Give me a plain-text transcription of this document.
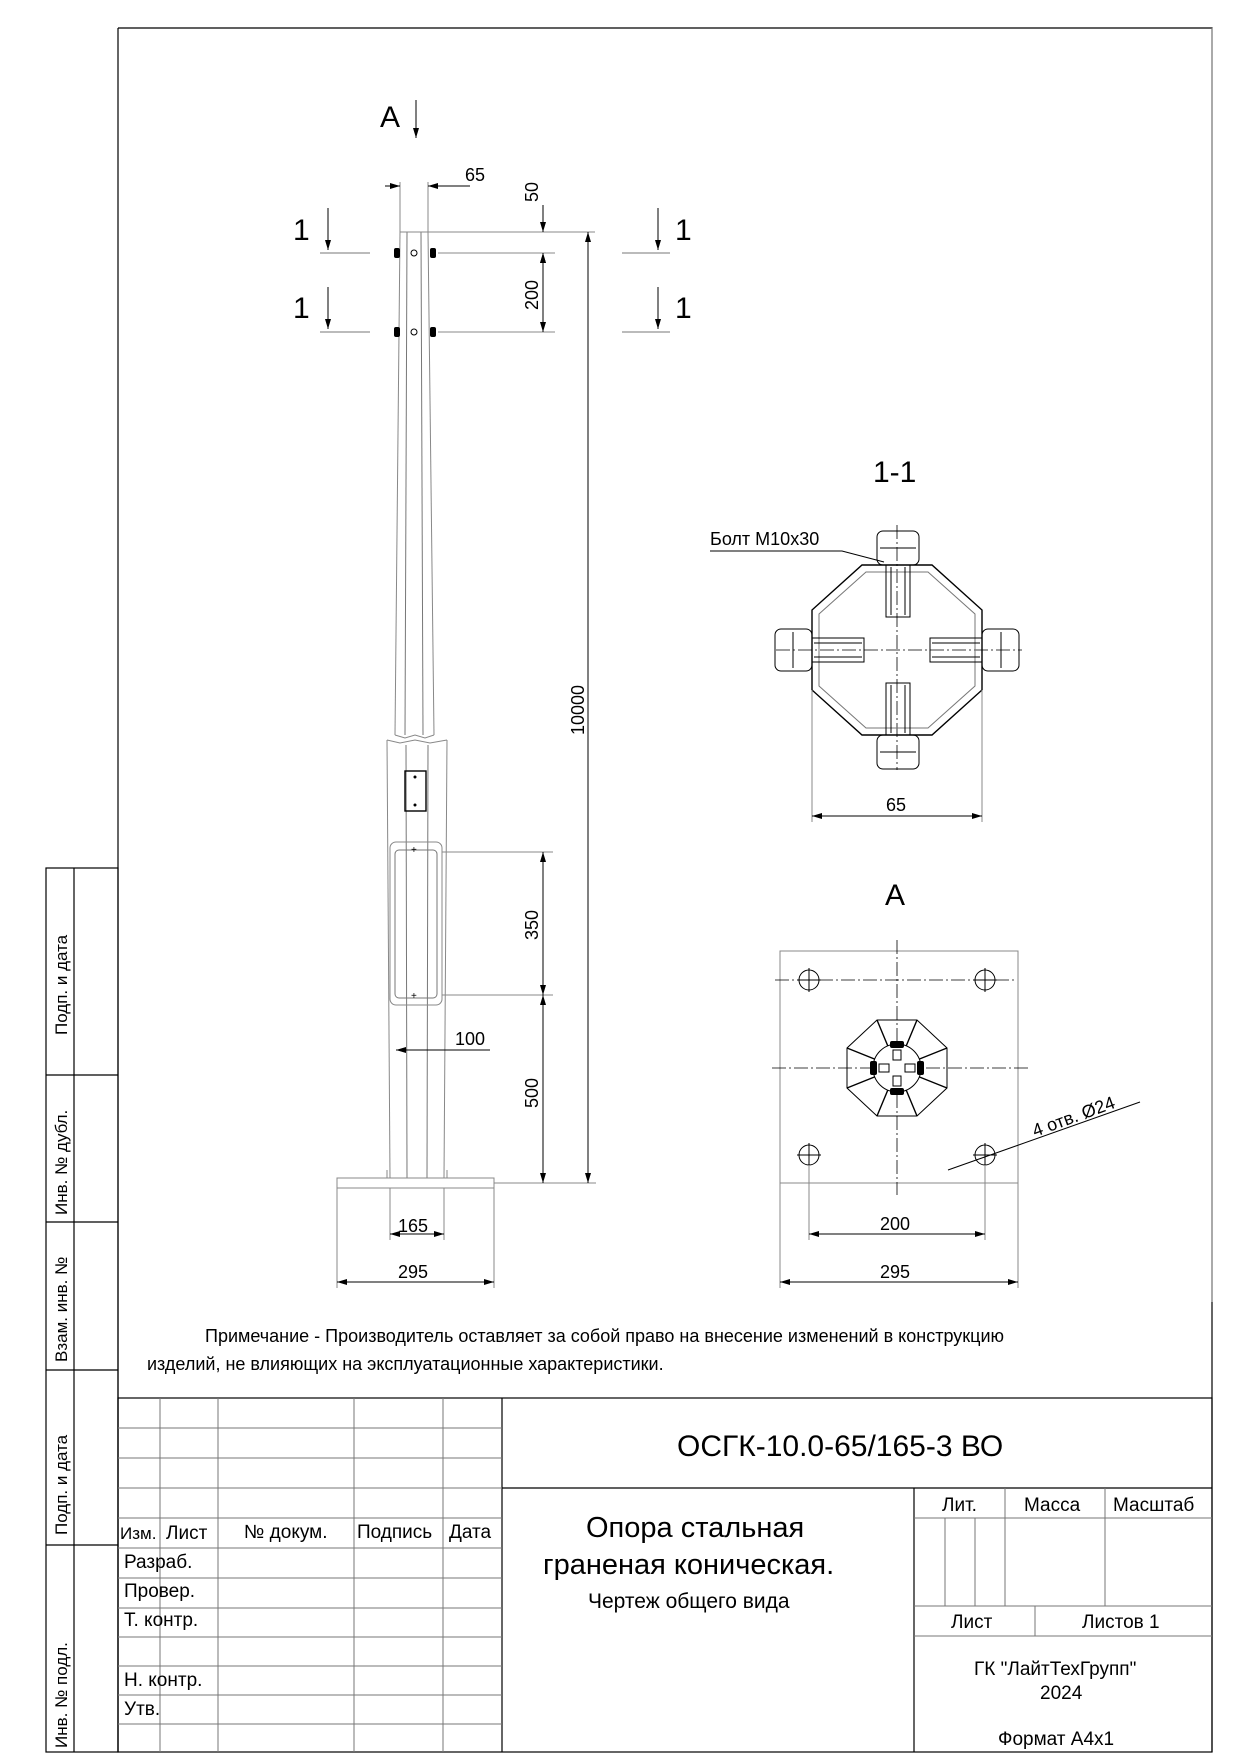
Подп. и дата
Инв. № дубл.
Взам. инв. №
Подп. и дата
Инв. № подл.
A
+
+
1	1
1	1
65
50
200
10000
350
500
100
165
295
1-1
Болт М10х30
65
A
4 отв. Ø24
200
295
Примечание - Производитель оставляет за собой право на внесение изменений в конструкцию
изделий, не влияющих на эксплуатационные характеристики.
ОСГК-10.0-65/165-3 ВО
Опора стальная
граненая коническая.
Чертеж общего вида
Изм. Лист № докум. Подпись Дата
Разраб.
Провер.
Т. контр.
Н. контр.
Утв.
Лит. Масса Масштаб
Лист	Листов 1
ГК "ЛайтТехГрупп"
2024
Формат А4х1
